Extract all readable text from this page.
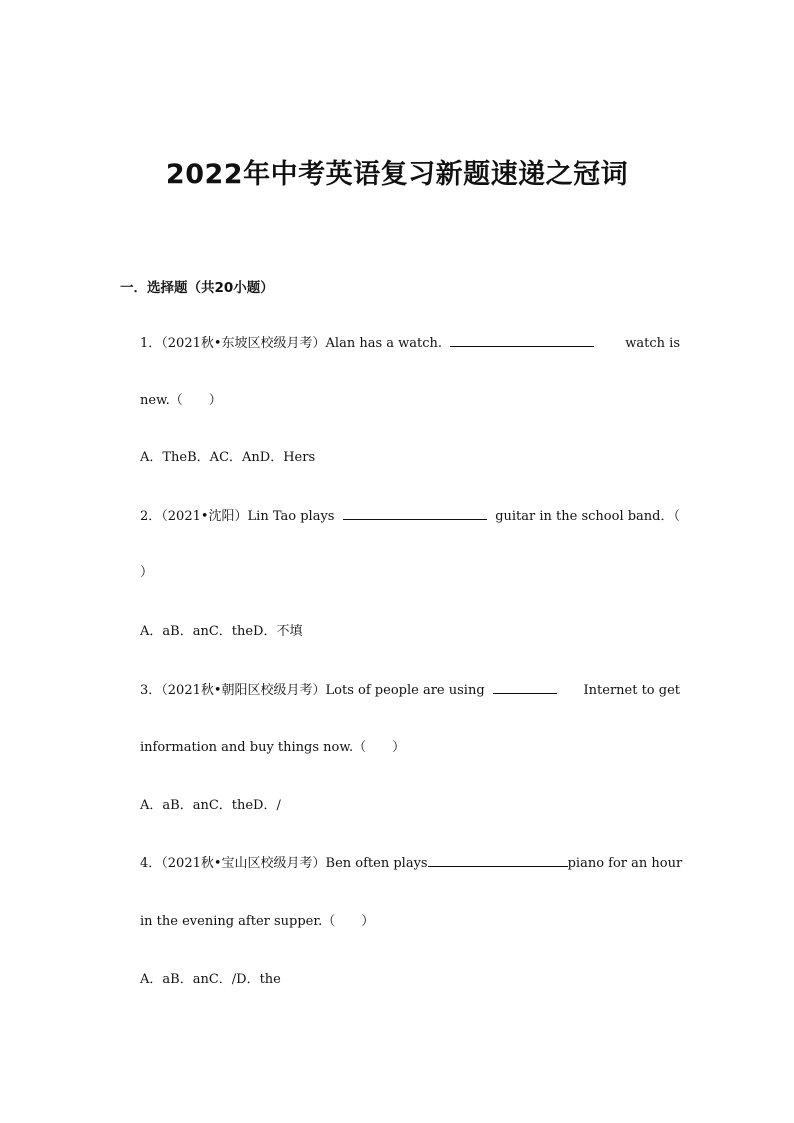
2022年中考英语复习新题速递之冠词

一．选择题（共20小题）

1．（2021秋•东坡区校级月考）Alan has a watch.	watch is
new.（　　）
A．TheB．AC．AnD．Hers
2．（2021•沈阳）Lin Tao plays	guitar in the school band．（
）
A．aB．anC．theD．不填
3．（2021秋•朝阳区校级月考）Lots of people are using	Internet to get
information and buy things now.（　　）
A．aB．anC．theD．/
4．（2021秋•宝山区校级月考）Ben often plays	piano for an hour
in the evening after supper.（　　）
A．aB．anC．/D．the
